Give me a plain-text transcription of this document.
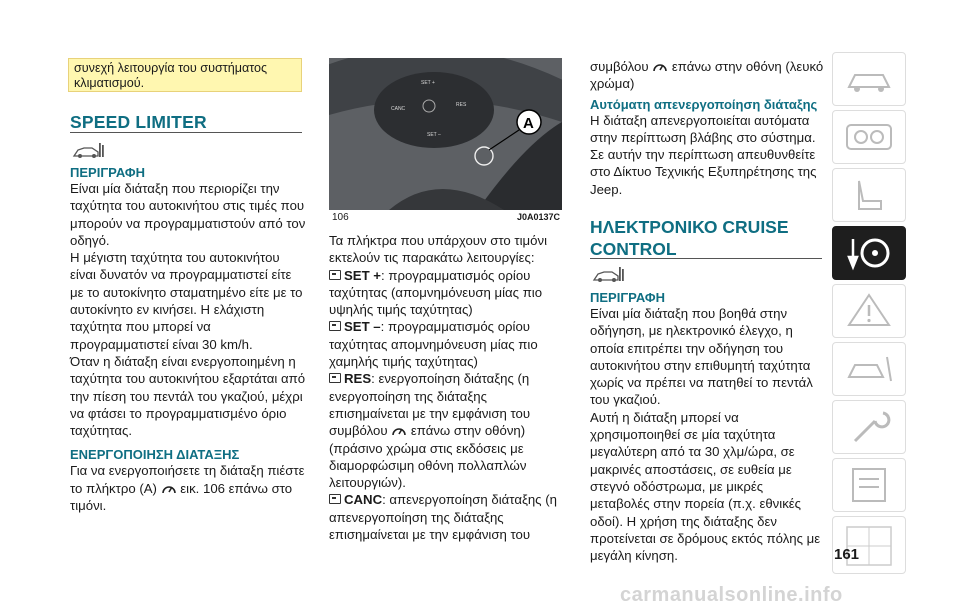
συνεχή λειτουργία του συστήματος κλιματισμού.
SPEED LIMITER

ΠΕΡΙΓΡΑΦΗ

Είναι μία διάταξη που περιορίζει την ταχύτητα του αυτοκινήτου στις τιμές που μπορούν να προγραμματιστούν από τον οδηγό.

Η μέγιστη ταχύτητα του αυτοκινήτου είναι δυνατόν να προγραμματιστεί είτε με το αυτοκίνητο σταματημένο είτε με το αυτοκίνητο εν κινήσει. Η ελάχιστη ταχύτητα που μπορεί να προγραμματιστεί είναι 30 km/h.

Όταν η διάταξη είναι ενεργοποιημένη η ταχύτητα του αυτοκινήτου εξαρτάται από την πίεση του πεντάλ του γκαζιού, μέχρι να φτάσει το προγραμματισμένο όριο ταχύτητας.

ΕΝΕΡΓΟΠΟΙΗΣΗ ΔΙΑΤΑΞΗΣ

Για να ενεργοποιήσετε τη διάταξη πιέστε το πλήκτρο (A) εικ. 106 επάνω στο τιμόνι.

SET +
CANC
RES
SET –
A
106	J0A0137C

Τα πλήκτρα που υπάρχουν στο τιμόνι εκτελούν τις παρακάτω λειτουργίες:

SET +: προγραμματισμός ορίου ταχύτητας (απομνημόνευση μίας πιο υψηλής τιμής ταχύτητας)

SET –: προγραμματισμός ορίου ταχύτητας απομνημόνευση μίας πιο χαμηλής τιμής ταχύτητας)

RES: ενεργοποίηση διάταξης (η ενεργοποίηση της διάταξης επισημαίνεται με την εμφάνιση του συμβόλου επάνω στην οθόνη) (πράσινο χρώμα στις εκδόσεις με διαμορφώσιμη οθόνη πολλαπλών λειτουργιών).

CANC: απενεργοποίηση διάταξης (η απενεργοποίηση της διάταξης επισημαίνεται με την εμφάνιση του

συμβόλου επάνω στην οθόνη (λευκό χρώμα)

Αυτόματη απενεργοποίηση διάταξης

Η διάταξη απενεργοποιείται αυτόματα στην περίπτωση βλάβης στο σύστημα. Σε αυτήν την περίπτωση απευθυνθείτε στο Δίκτυο Τεχνικής Εξυπηρέτησης της Jeep.

ΗΛΕΚΤΡΟΝΙΚΟ CRUISE CONTROL

ΠΕΡΙΓΡΑΦΗ

Είναι μία διάταξη που βοηθά στην οδήγηση, με ηλεκτρονικό έλεγχο, η οποία επιτρέπει την οδήγηση του αυτοκινήτου στην επιθυμητή ταχύτητα χωρίς να πρέπει να πατηθεί το πεντάλ του γκαζιού.

Αυτή η διάταξη μπορεί να χρησιμοποιηθεί σε μία ταχύτητα μεγαλύτερη από τα 30 χλμ/ώρα, σε μακρινές αποστάσεις, σε ευθεία με στεγνό οδόστρωμα, με μικρές μεταβολές στην πορεία (π.χ. εθνικές οδοί). Η χρήση της διάταξης δεν προτείνεται σε δρόμους εκτός πόλης με μεγάλη κίνηση.	161
carmanualsonline.info
